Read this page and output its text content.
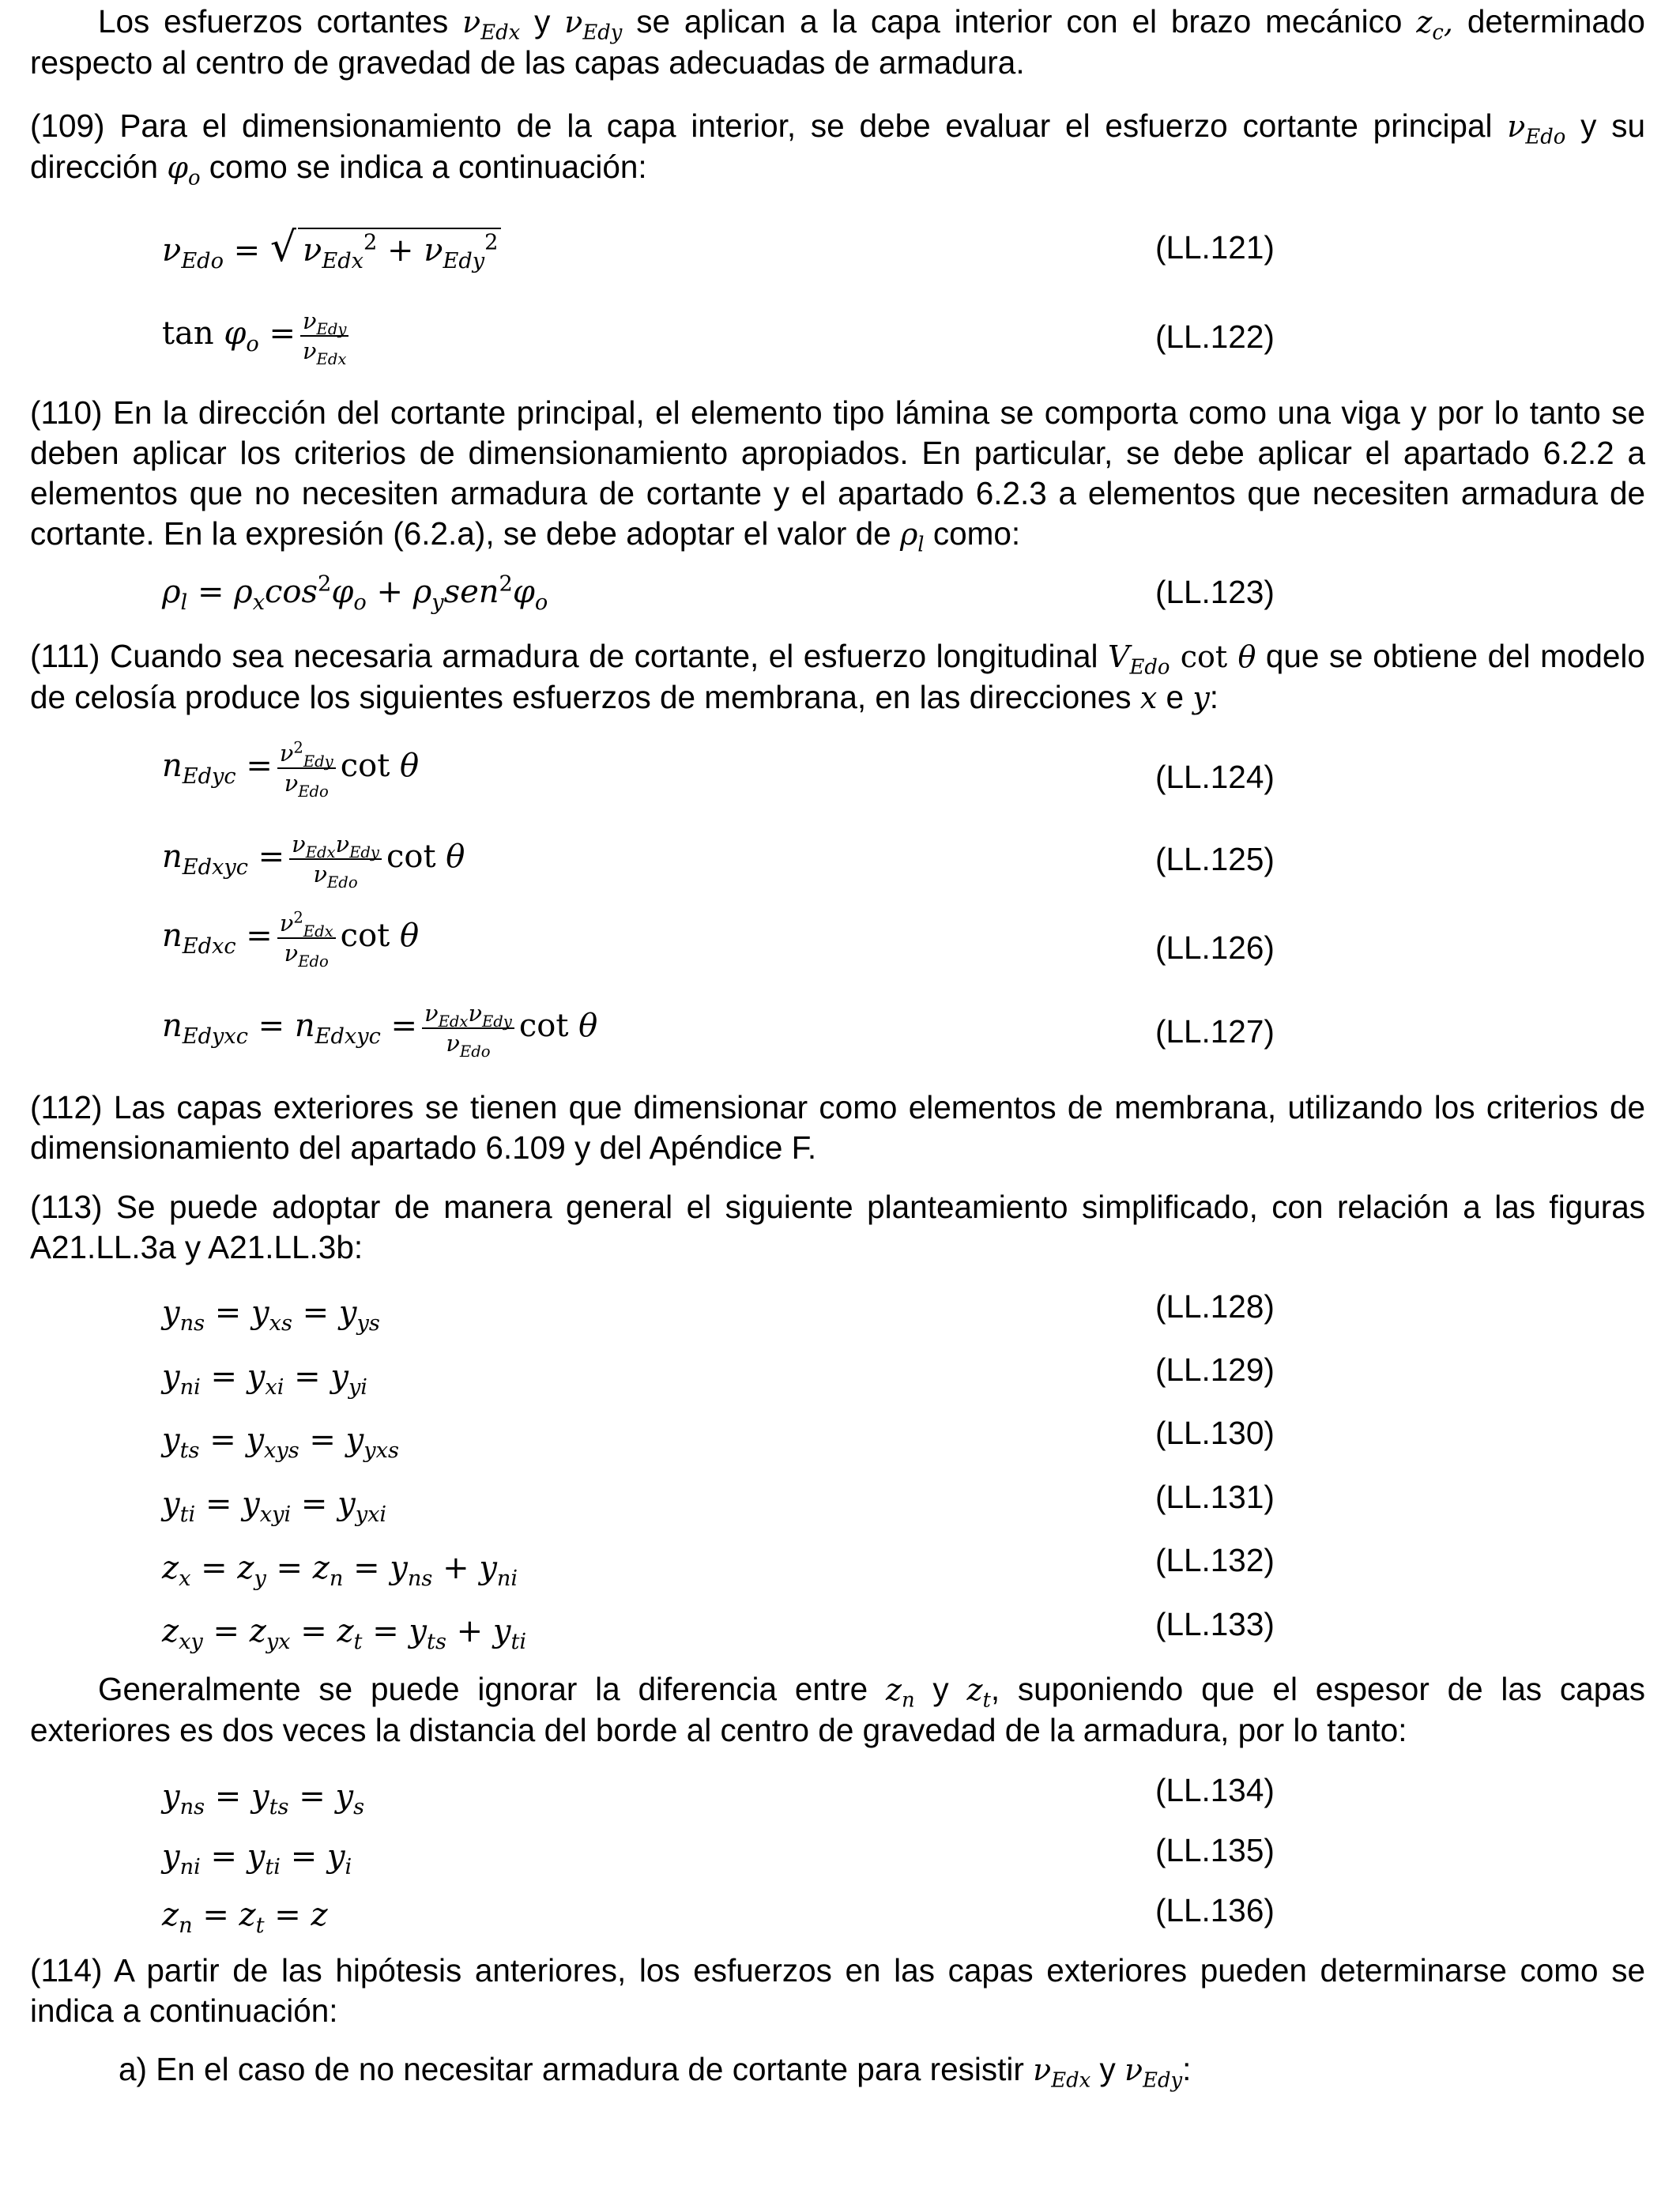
Los esfuerzos cortantes $\nu_{Edx}$ y $\nu_{Edy}$ se aplican a la capa interior con el brazo mecánico $z_c$, determinado respecto al centro de gravedad de las capas adecuadas de armadura.
(109) Para el dimensionamiento de la capa interior, se debe evaluar el esfuerzo cortante principal $\nu_{Edo}$ y su dirección $\varphi_o$ como se indica a continuación:
$\nu_{Edo}$ = √ $\nu_{Edx}^2 + \nu_{Edy}^2$	(LL.121)
$\tan \varphi_o = \frac{\nu_{Edy}}{\nu_{Edx}}$	(LL.122)
(110) En la dirección del cortante principal, el elemento tipo lámina se comporta como una viga y por lo tanto se deben aplicar los criterios de dimensionamiento apropiados. En particular, se debe aplicar el apartado 6.2.2 a elementos que no necesiten armadura de cortante y el apartado 6.2.3 a elementos que necesiten armadura de cortante. En la expresión (6.2.a), se debe adoptar el valor de $\rho_l$ como:
$\rho_l = \rho_x\cos^2\varphi_o + \rho_ysen^2\varphi_o$	(LL.123)
(111) Cuando sea necesaria armadura de cortante, el esfuerzo longitudinal $V_{Edo}$ cot θ que se obtiene del modelo de celosía produce los siguientes esfuerzos de membrana, en las direcciones x e y:
$n_{Edyc} = \frac{\nu^2_{Edy}}{\nu_{Edo}}$ cot θ	(LL.124)
$n_{Edxyc} = \frac{\nu_{Edx}\nu_{Edy}}{\nu_{Edo}}$ cot θ	(LL.125)
$n_{Edxc} = \frac{\nu^2_{Edx}}{\nu_{Edo}}$ cot θ	(LL.126)
$n_{Edyxc} = n_{Edxyc} = \frac{\nu_{Edx}\nu_{Edy}}{\nu_{Edo}}$ cot θ	(LL.127)
(112) Las capas exteriores se tienen que dimensionar como elementos de membrana, utilizando los criterios de dimensionamiento del apartado 6.109 y del Apéndice F.
(113) Se puede adoptar de manera general el siguiente planteamiento simplificado, con relación a las figuras A21.LL.3a y A21.LL.3b:
$y_{ns} = y_{xs} = y_{ys}$	(LL.128)
$y_{ni} = y_{xi} = y_{yi}$	(LL.129)
$y_{ts} = y_{xys} = y_{yxs}$	(LL.130)
$y_{ti} = y_{xyi} = y_{yxi}$	(LL.131)
$z_x = z_y = z_n = y_{ns} + y_{ni}$
(LL.132)
$z_{xy} = z_{yx} = z_t = y_{ts} + y_{ti}$	(LL.133)
Generalmente se puede ignorar la diferencia entre $z_n$ y $z_t$, suponiendo que el espesor de las capas exteriores es dos veces la distancia del borde al centro de gravedad de la armadura, por lo tanto:
$y_{ns} = y_{ts} = y_s$	(LL.134)
$y_{ni} = y_{ti} = y_i$	(LL.135)
$z_n = z_t = z$	(LL.136)
(114) A partir de las hipótesis anteriores, los esfuerzos en las capas exteriores pueden determinarse como se indica a continuación:
a) En el caso de no necesitar armadura de cortante para resistir $\nu_{Edx}$ y $\nu_{Edy}$:
